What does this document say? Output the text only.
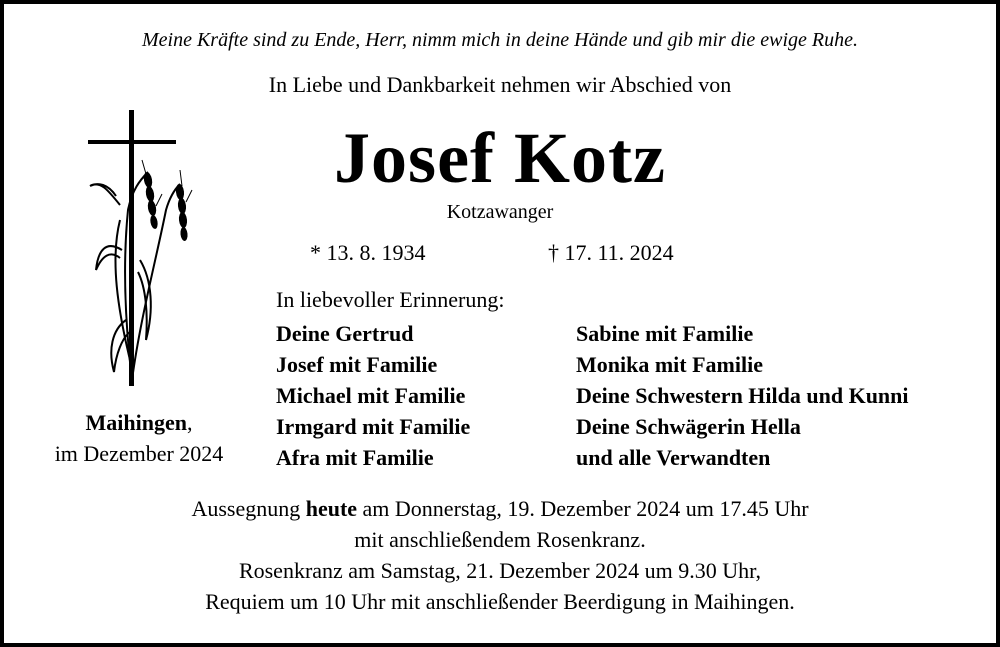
Meine Kräfte sind zu Ende, Herr, nimm mich in deine Hände und gib mir die ewige Ruhe.
In Liebe und Dankbarkeit nehmen wir Abschied von
Josef Kotz
Kotzawanger
* 13. 8. 1934	† 17. 11. 2024
In liebevoller Erinnerung:
Deine Gertrud
Josef mit Familie
Michael mit Familie
Irmgard mit Familie
Afra mit Familie
Sabine mit Familie
Monika mit Familie
Deine Schwestern Hilda und Kunni
Deine Schwägerin Hella
und alle Verwandten
Maihingen,
im Dezember 2024
Aussegnung heute am Donnerstag, 19. Dezember 2024 um 17.45 Uhr
mit anschließendem Rosenkranz.
Rosenkranz am Samstag, 21. Dezember 2024 um 9.30 Uhr,
Requiem um 10 Uhr mit anschließender Beerdigung in Maihingen.
